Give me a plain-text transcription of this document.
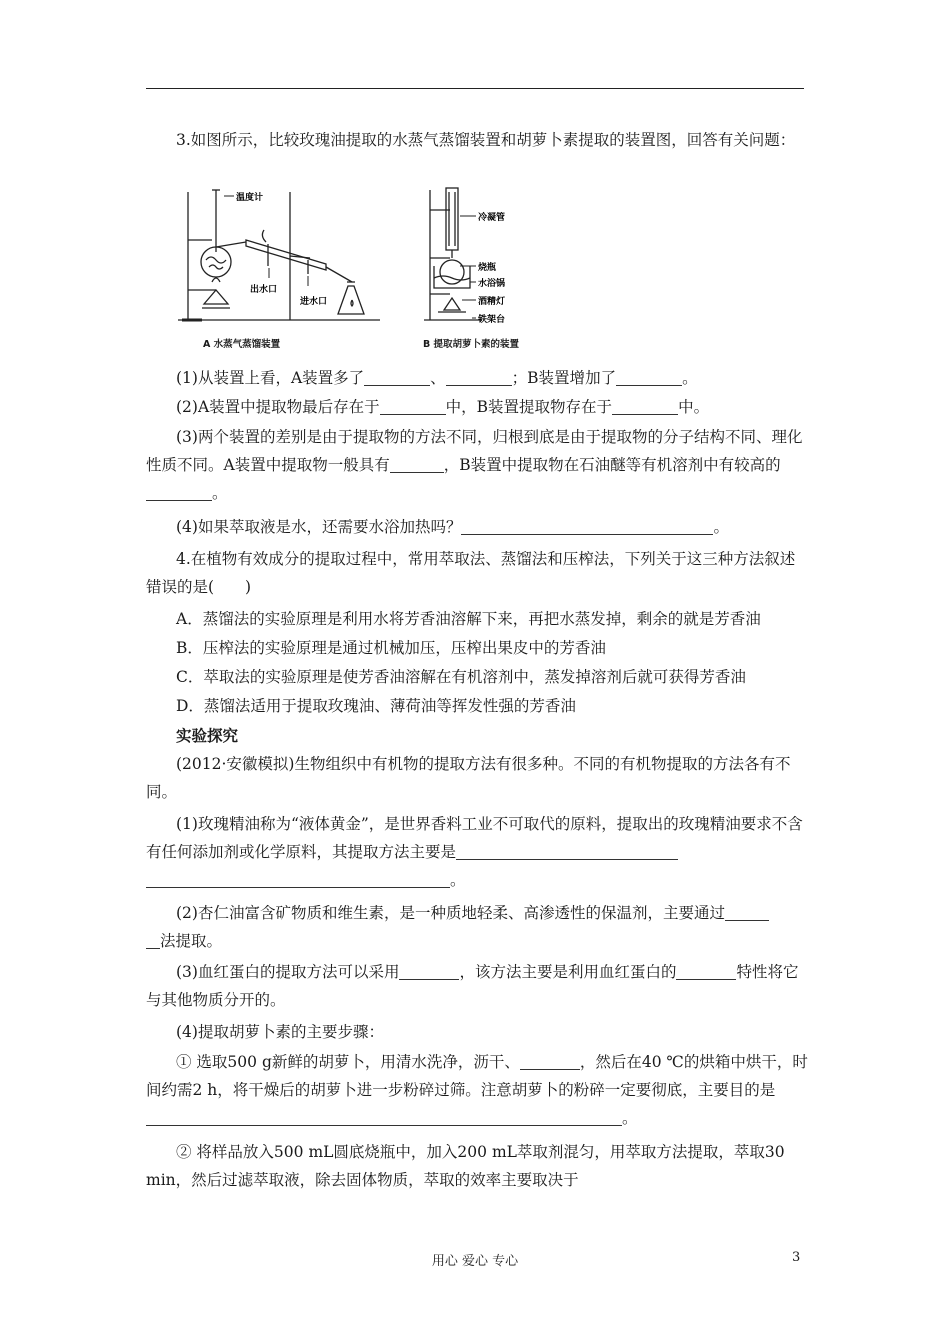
3.如图所示，比较玫瑰油提取的水蒸气蒸馏装置和胡萝卜素提取的装置图，回答有关问题：

温度计
出水口
进水口
A 水蒸气蒸馏装置
冷凝管
烧瓶
水浴锅
酒精灯
铁架台
B 提取胡萝卜素的装置

(1)从装置上看，A装置多了	、	；B装置增加了	。

(2)A装置中提取物最后存在于	中，B装置提取物存在于	中。

(3)两个装置的差别是由于提取物的方法不同，归根到底是由于提取物的分子结构不同、理化性质不同。A装置中提取物一般具有	，B装置中提取物在石油醚等有机溶剂中有较高的。

(4)如果萃取液是水，还需要水浴加热吗？	。

4.在植物有效成分的提取过程中，常用萃取法、蒸馏法和压榨法，下列关于这三种方法叙述错误的是(　　)

A．蒸馏法的实验原理是利用水将芳香油溶解下来，再把水蒸发掉，剩余的就是芳香油

B．压榨法的实验原理是通过机械加压，压榨出果皮中的芳香油

C．萃取法的实验原理是使芳香油溶解在有机溶剂中，蒸发掉溶剂后就可获得芳香油

D．蒸馏法适用于提取玫瑰油、薄荷油等挥发性强的芳香油

实验探究

(2012·安徽模拟)生物组织中有机物的提取方法有很多种。不同的有机物提取的方法各有不同。

(1)玫瑰精油称为“液体黄金”，是世界香料工业不可取代的原料，提取出的玫瑰精油要求不含有任何添加剂或化学原料，其提取方法主要是
。

(2)杏仁油富含矿物质和维生素，是一种质地轻柔、高渗透性的保温剂，主要通过
法提取。

(3)血红蛋白的提取方法可以采用	，该方法主要是利用血红蛋白的	特性将它与其他物质分开的。

(4)提取胡萝卜素的主要步骤：

① 选取500 g新鲜的胡萝卜，用清水洗净，沥干、	，然后在40 ℃的烘箱中烘干，时间约需2 h，将干燥后的胡萝卜进一步粉碎过筛。注意胡萝卜的粉碎一定要彻底，主要目的是。

② 将样品放入500 mL圆底烧瓶中，加入200 mL萃取剂混匀，用萃取方法提取，萃取30 min，然后过滤萃取液，除去固体物质，萃取的效率主要取决于

用心 爱心 专心	3
